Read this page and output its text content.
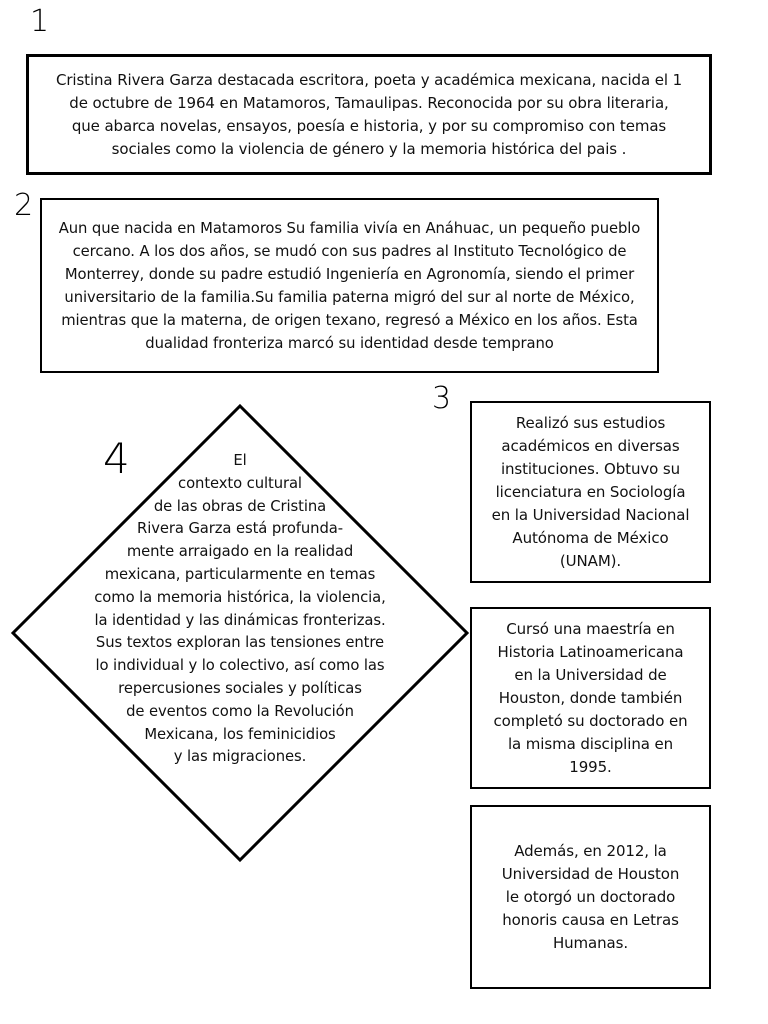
1
2
3
4

Cristina Rivera Garza destacada escritora, poeta y académica mexicana, nacida el 1 de octubre de 1964 en Matamoros, Tamaulipas. Reconocida por su obra literaria, que abarca novelas, ensayos, poesía e historia, y por su compromiso con temas sociales como la violencia de género y la memoria histórica del pais .

Aun que nacida en Matamoros Su familia vivía en Anáhuac, un pequeño pueblo cercano. A los dos años, se mudó con sus padres al Instituto Tecnológico de Monterrey, donde su padre estudió Ingeniería en Agronomía, siendo el primer universitario de la familia.Su familia paterna migró del sur al norte de México, mientras que la materna, de origen texano, regresó a México en los años. Esta dualidad fronteriza marcó su identidad desde temprano

El
contexto cultural
de las obras de Cristina
Rivera Garza está profunda-
mente arraigado en la realidad
mexicana, particularmente en temas
como la memoria histórica, la violencia,
la identidad y las dinámicas fronterizas.
Sus textos exploran las tensiones entre
lo individual y lo colectivo, así como las
repercusiones sociales y políticas
de eventos como la Revolución
Mexicana, los feminicidios
y las migraciones.

Realizó sus estudios académicos en diversas instituciones. Obtuvo su licenciatura en Sociología en la Universidad Nacional Autónoma de México (UNAM).

Cursó una maestría en Historia Latinoamericana en la Universidad de Houston, donde también completó su doctorado en la misma disciplina en 1995.

Además, en 2012, la Universidad de Houston le otorgó un doctorado honoris causa en Letras Humanas.
